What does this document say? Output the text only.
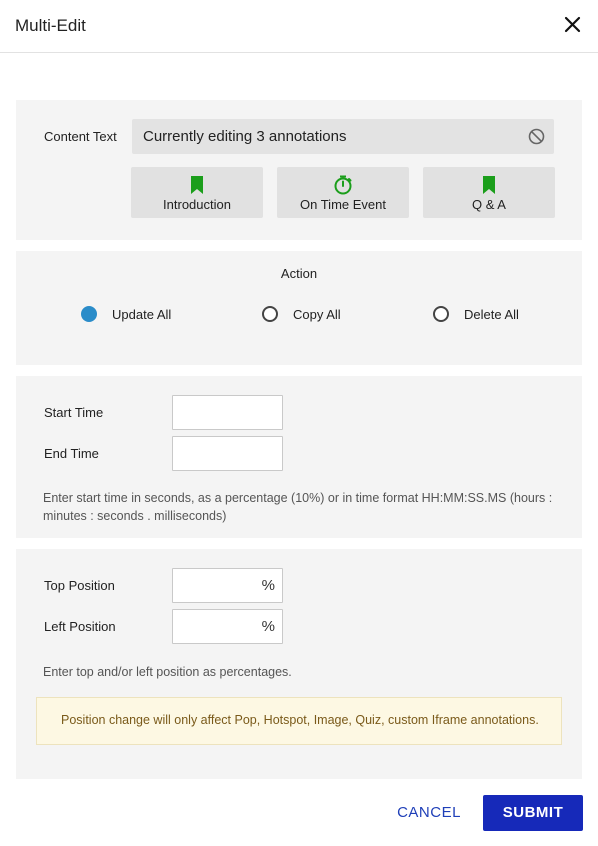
Multi-Edit
Content Text Currently editing 3 annotations
Introduction	On Time Event	Q & A
Action
Update All	Copy All	Delete All
Start Time
End Time
Enter start time in seconds, as a percentage (10%) or in time format HH:MM:SS.MS (hours : minutes : seconds . milliseconds)
Top Position	%
Left Position	%
Enter top and/or left position as percentages.
Position change will only affect Pop, Hotspot, Image, Quiz, custom Iframe annotations.
CANCEL	SUBMIT
